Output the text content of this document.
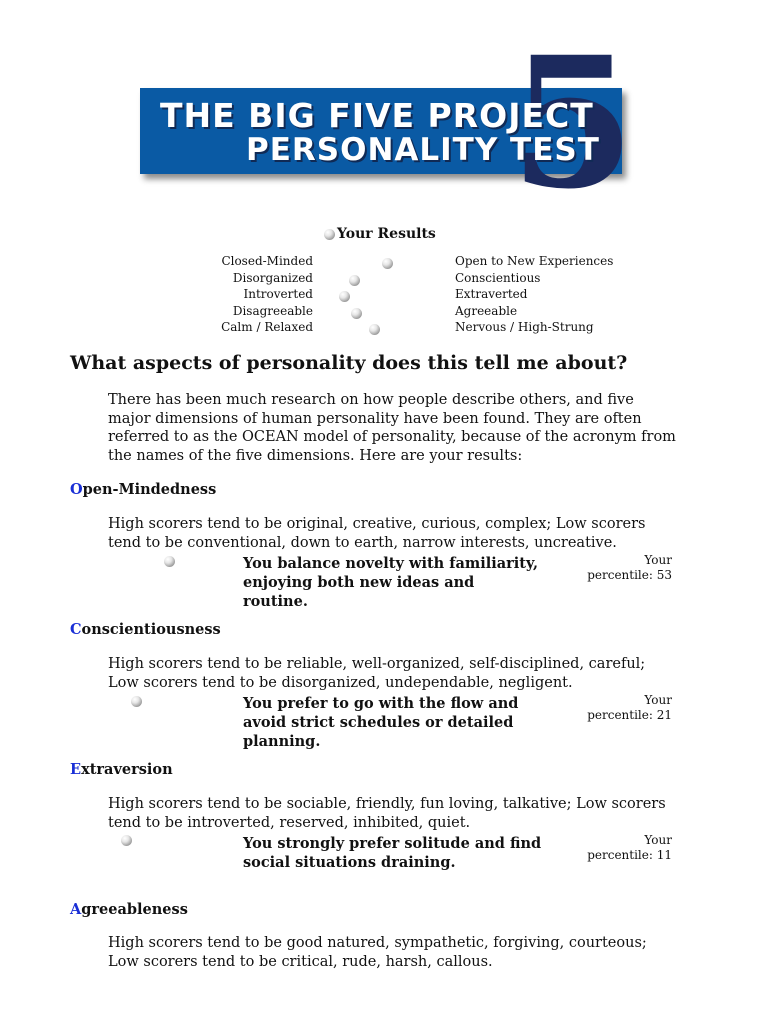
5
THE BIG FIVE PROJECT
PERSONALITY TEST
Your Results
Closed-Minded	Open to New Experiences
Disorganized	Conscientious
Introverted	Extraverted
Disagreeable	Agreeable
Calm / Relaxed	Nervous / High-Strung
What aspects of personality does this tell me about?

There has been much research on how people describe others, and five major dimensions of human personality have been found. They are often referred to as the OCEAN model of personality, because of the acronym from the names of the five dimensions. Here are your results:

Open-Mindedness

High scorers tend to be original, creative, curious, complex; Low scorers tend to be conventional, down to earth, narrow interests, uncreative.

You balance novelty with familiarity, enjoying both new ideas and routine.
Your
percentile: 53
Conscientiousness

High scorers tend to be reliable, well-organized, self-disciplined, careful; Low scorers tend to be disorganized, undependable, negligent.

You prefer to go with the flow and avoid strict schedules or detailed planning.
Your
percentile: 21
Extraversion

High scorers tend to be sociable, friendly, fun loving, talkative; Low scorers tend to be introverted, reserved, inhibited, quiet.

You strongly prefer solitude and find social situations draining.
Your
percentile: 11
Agreeableness

High scorers tend to be good natured, sympathetic, forgiving, courteous; Low scorers tend to be critical, rude, harsh, callous.
